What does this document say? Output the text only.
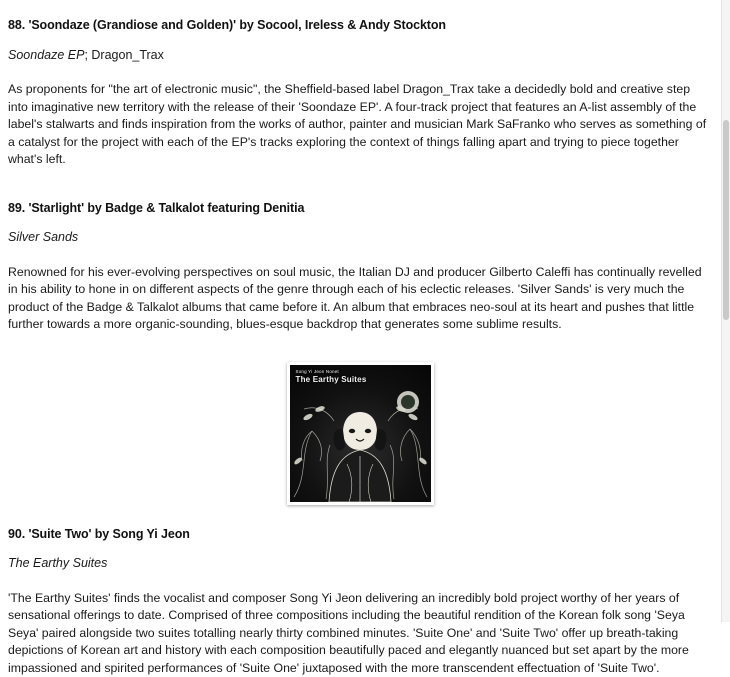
88. 'Soondaze (Grandiose and Golden)' by Socool, Ireless & Andy Stockton
Soondaze EP; Dragon_Trax
As proponents for "the art of electronic music", the Sheffield-based label Dragon_Trax take a decidedly bold and creative step into imaginative new territory with the release of their 'Soondaze EP'. A four-track project that features an A-list assembly of the label's stalwarts and finds inspiration from the works of author, painter and musician Mark SaFranko who serves as something of a catalyst for the project with each of the EP's tracks exploring the context of things falling apart and trying to piece together what's left.
89. 'Starlight' by Badge & Talkalot featuring Denitia
Silver Sands
Renowned for his ever-evolving perspectives on soul music, the Italian DJ and producer Gilberto Caleffi has continually revelled in his ability to hone in on different aspects of the genre through each of his eclectic releases. 'Silver Sands' is very much the product of the Badge & Talkalot albums that came before it. An album that embraces neo-soul at its heart and pushes that little further towards a more organic-sounding, blues-esque backdrop that generates some sublime results.
Song Yi Jeon Nonet
The Earthy Suites
90. 'Suite Two' by Song Yi Jeon
The Earthy Suites
'The Earthy Suites' finds the vocalist and composer Song Yi Jeon delivering an incredibly bold project worthy of her years of sensational offerings to date. Comprised of three compositions including the beautiful rendition of the Korean folk song 'Seya Seya' paired alongside two suites totalling nearly thirty combined minutes. 'Suite One' and 'Suite Two' offer up breath-taking depictions of Korean art and history with each composition beautifully paced and elegantly nuanced but set apart by the more impassioned and spirited performances of 'Suite One' juxtaposed with the more transcendent effectuation of 'Suite Two'.
